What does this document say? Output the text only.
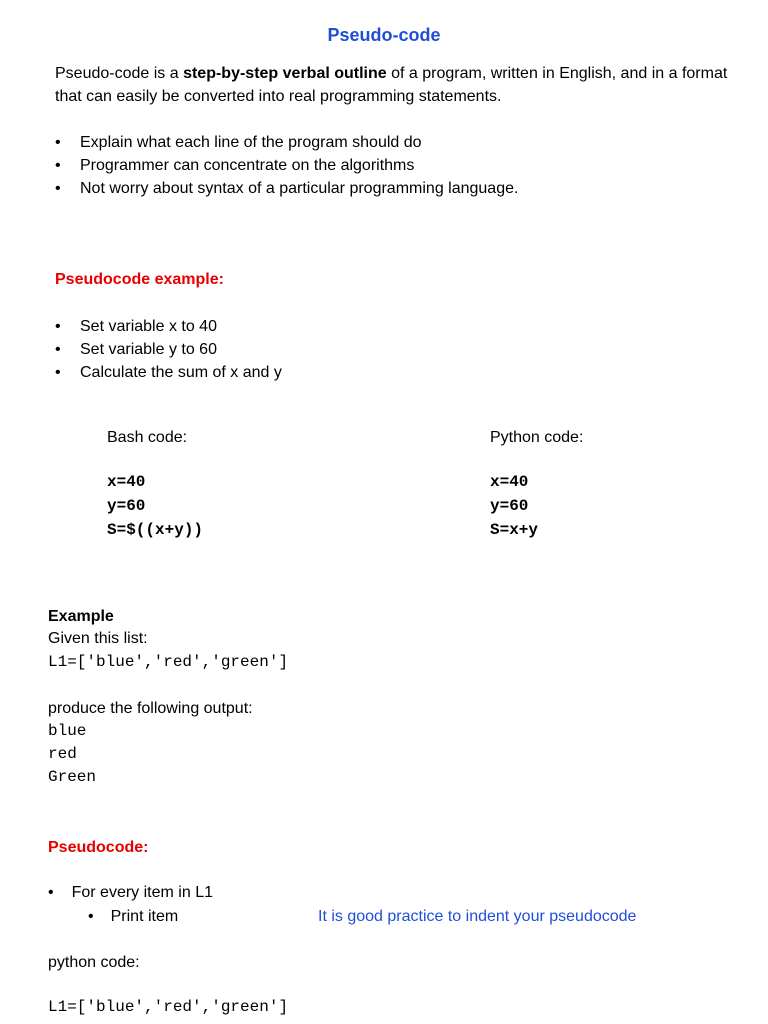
Pseudo-code
Pseudo-code is a step-by-step verbal outline of a program, written in English, and in a format that can easily be converted into real programming statements.
• Explain what each line of the program should do
• Programmer can concentrate on the algorithms
• Not worry about syntax of a particular programming language.
Pseudocode example:
• Set variable x to 40
• Set variable y to 60
• Calculate the sum of x and y
Bash code:
x=40
y=60
S=$((x+y))
Python code:
x=40
y=60
S=x+y
Example
Given this list:
L1=['blue','red','green']
produce the following output:
blue
red
Green
Pseudocode:
• For every item in L1
• Print item	It is good practice to indent your pseudocode
python code:
L1=['blue','red','green']
